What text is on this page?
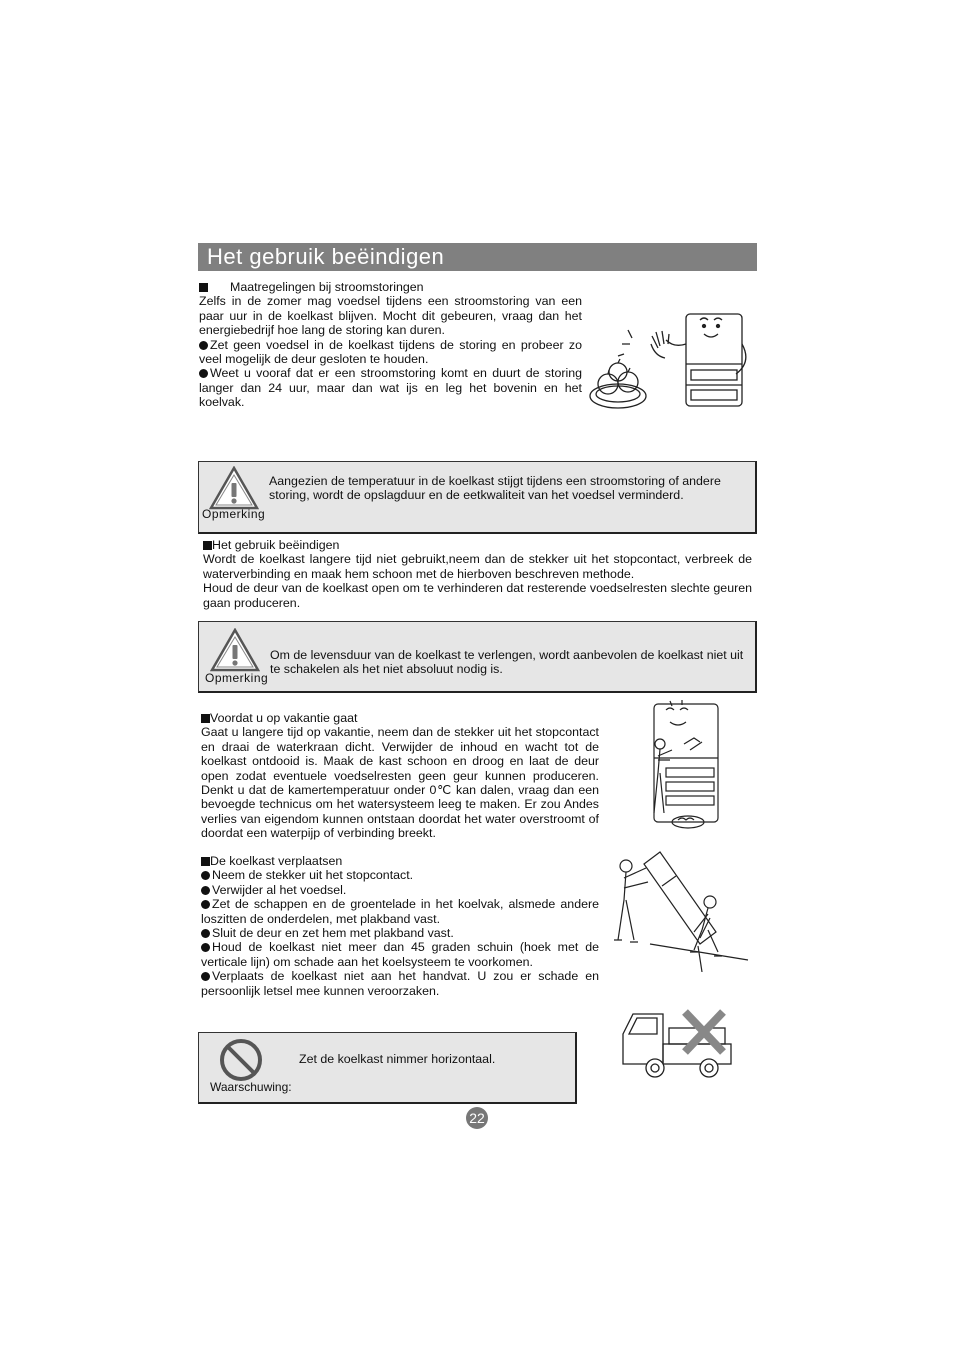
Het gebruik beëindigen

Maatregelingen bij stroomstoringen

Zelfs in de zomer mag voedsel tijdens een stroomstoring van een paar uur in de koelkast blijven. Mocht dit gebeuren, vraag dan het energiebedrijf hoe lang de storing kan duren.

Zet geen voedsel in de koelkast tijdens de storing en probeer zo veel mogelijk de deur gesloten te houden.

Weet u vooraf dat er een stroomstoring komt en duurt de storing langer dan 24 uur, maar dan wat ijs en leg het bovenin en het koelvak.

Opmerking
Aangezien de temperatuur in de koelkast stijgt tijdens een stroomstoring of andere storing, wordt de opslagduur en de eetkwaliteit van het voedsel verminderd.

Het gebruik beëindigen

Wordt de koelkast langere tijd niet gebruikt,neem dan de stekker uit het stopcontact, verbreek de waterverbinding en maak hem schoon met de hierboven beschreven methode.

Houd de deur van de koelkast open om te verhinderen dat resterende voedselresten slechte geuren gaan produceren.

Opmerking
Om de levensduur van de koelkast te verlengen, wordt aanbevolen de koelkast niet uit te schakelen als het niet absoluut nodig is.

Voordat u op vakantie gaat

Gaat u langere tijd op vakantie, neem dan de stekker uit het stopcontact en draai de waterkraan dicht. Verwijder de inhoud en wacht tot de koelkast ontdooid is. Maak de kast schoon en droog en laat de deur open zodat eventuele voedselresten geen geur kunnen produceren. Denkt u dat de kamertemperatuur onder 0℃ kan dalen, vraag dan een bevoegde technicus om het watersysteem leeg te maken. Er zou Andes verlies van eigendom kunnen ontstaan doordat het water overstroomt of doordat een waterpijp of verbinding breekt.

De koelkast verplaatsen

Neem de stekker uit het stopcontact.

Verwijder al het voedsel.

Zet de schappen en de groentelade in het koelvak, alsmede andere loszitten de onderdelen, met plakband vast.

Sluit de deur en zet hem met plakband vast.

Houd de koelkast niet meer dan 45 graden schuin (hoek met de verticale lijn) om schade aan het koelsysteem te voorkomen.

Verplaats de koelkast niet aan het handvat. U zou er schade en persoonlijk letsel mee kunnen veroorzaken.

Waarschuwing:
Zet de koelkast nimmer horizontaal.
22
